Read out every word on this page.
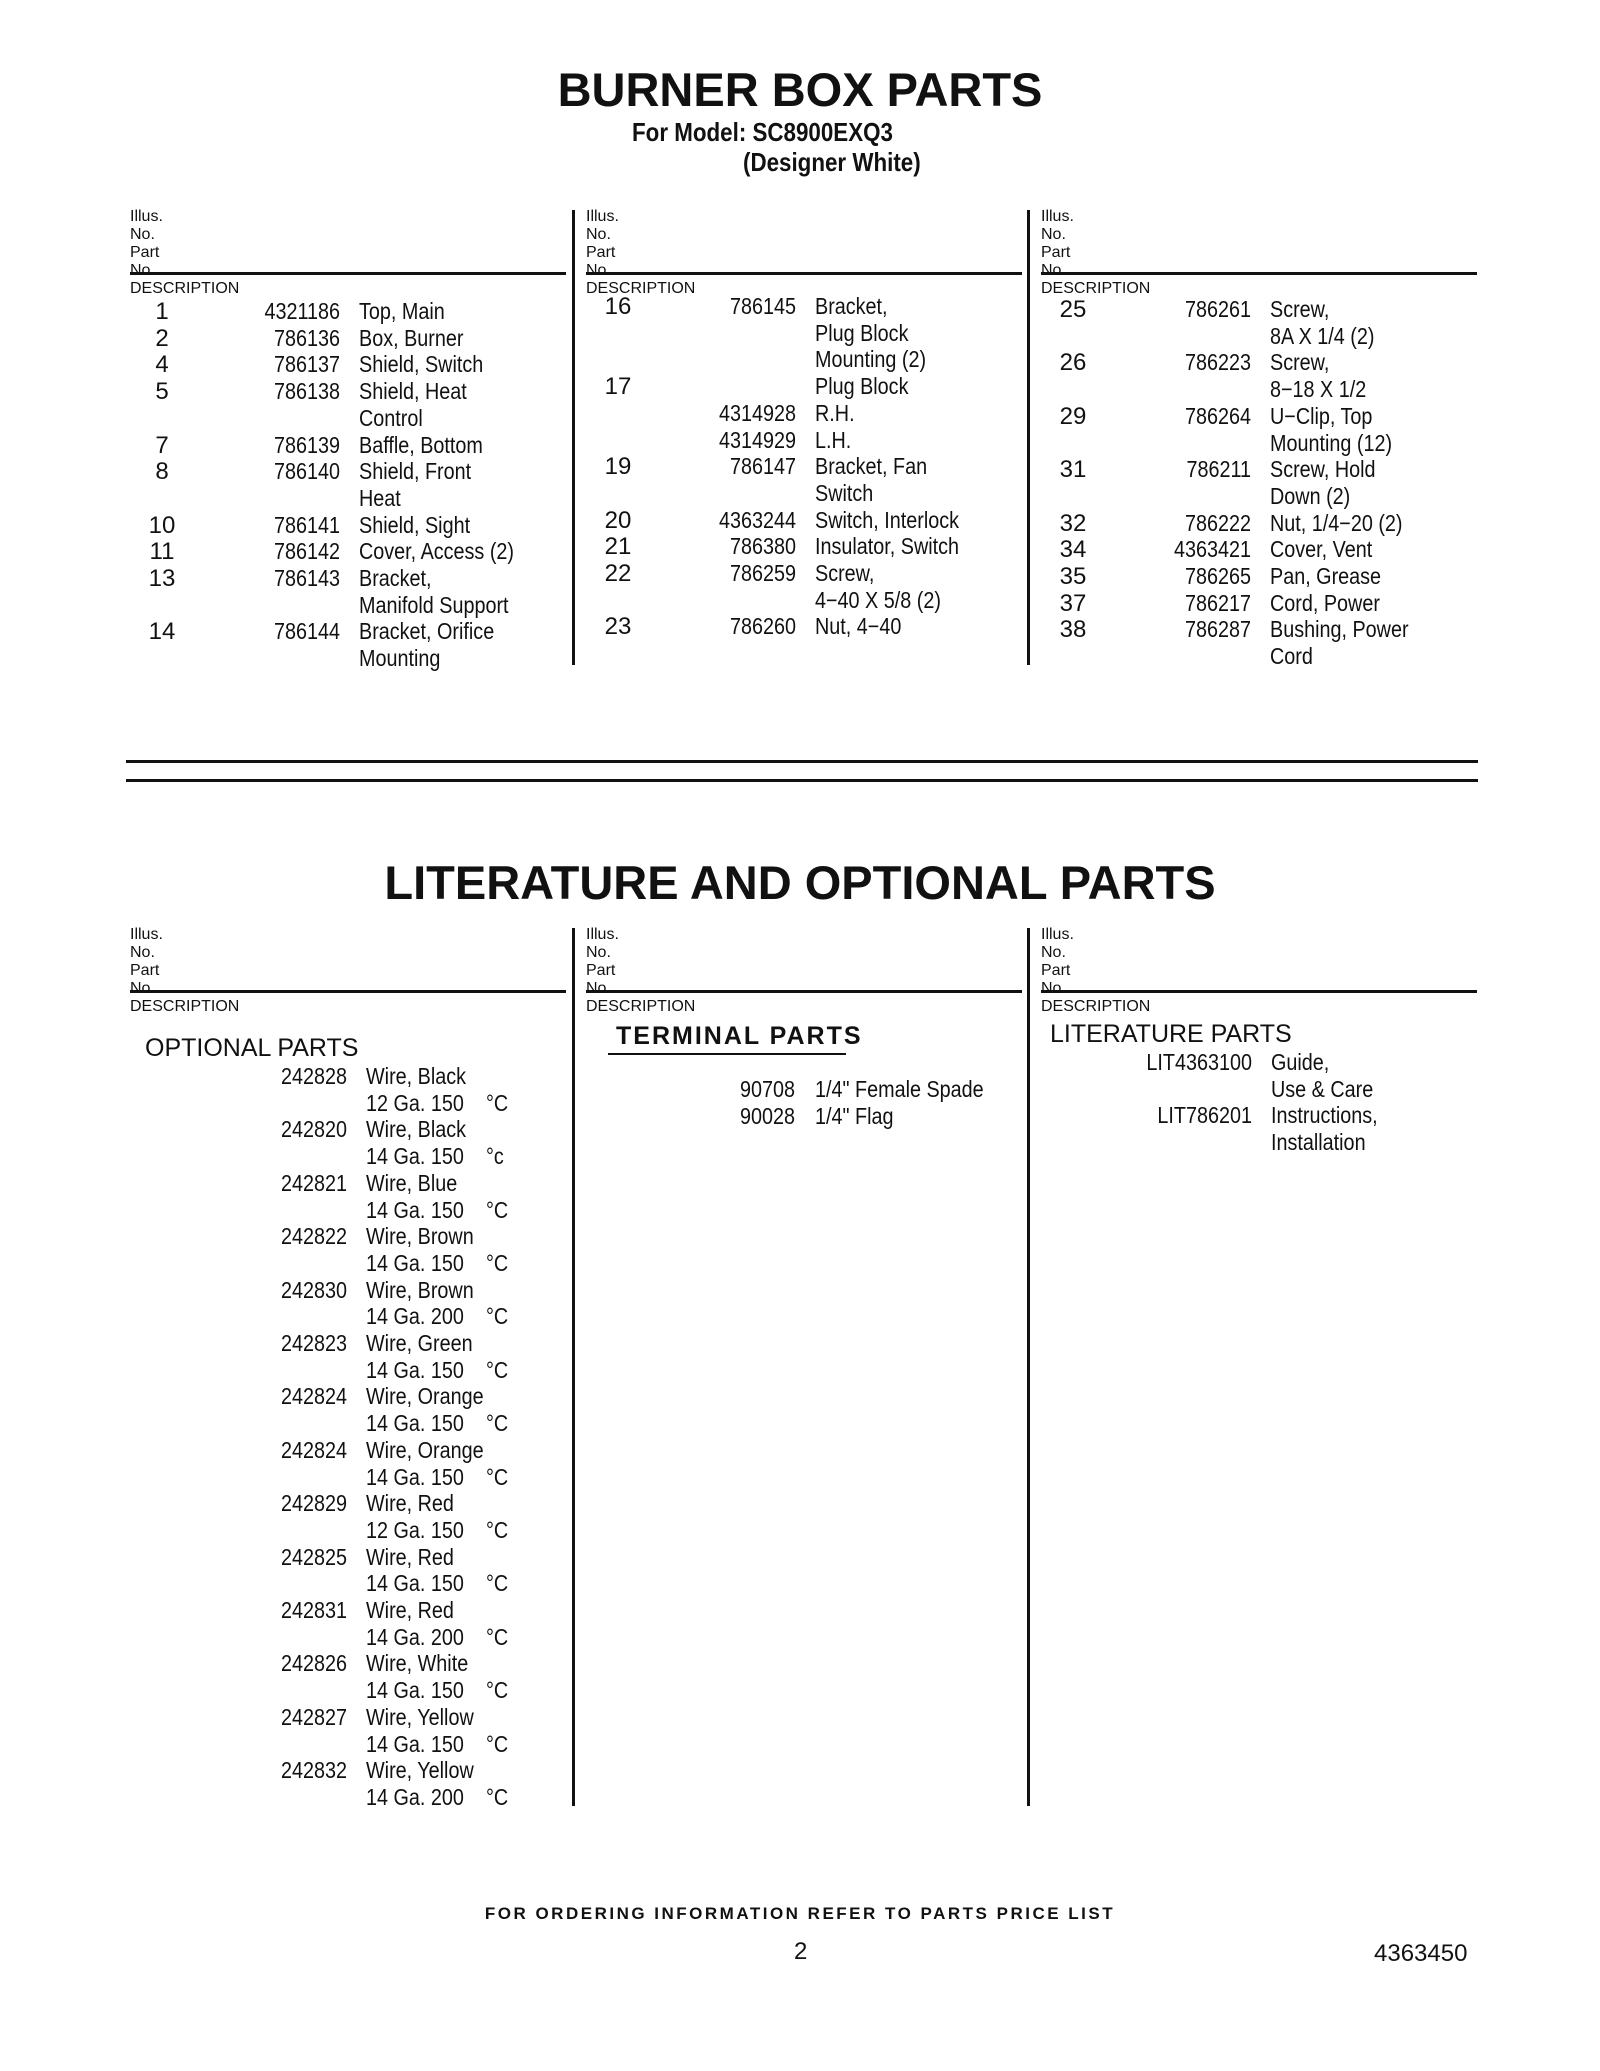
BURNER BOX PARTS
For Model: SC8900EXQ3
(Designer White)
Illus.
No.
Part
No.
DESCRIPTION
1	4321186 Top, Main
2	786136 Box, Burner
4	786137 Shield, Switch
5	786138 Shield, Heat
Control
7	786139 Baffle, Bottom
8	786140 Shield, Front
Heat
10	786141 Shield, Sight
11	786142 Cover, Access (2)
13	786143 Bracket,
Manifold Support
14	786144 Bracket, Orifice
Mounting
Illus.
No.
Part
No.
DESCRIPTION
16	786145 Bracket,
Plug Block
Mounting (2)
17	Plug Block
4314928 R.H.
4314929 L.H.
19	786147 Bracket, Fan
Switch
20	4363244 Switch, Interlock
21	786380 Insulator, Switch
22	786259 Screw,
4−40 X 5/8 (2)
23	786260 Nut, 4−40
Illus.
No.
Part
No.
DESCRIPTION
25	786261 Screw,
8A X 1/4 (2)
26	786223 Screw,
8−18 X 1/2
29	786264 U−Clip, Top
Mounting (12)
31	786211 Screw, Hold
Down (2)
32	786222 Nut, 1/4−20 (2)
34	4363421 Cover, Vent
35	786265 Pan, Grease
37	786217 Cord, Power
38	786287 Bushing, Power
Cord
LITERATURE AND OPTIONAL PARTS
Illus.
No.
Part
No.
DESCRIPTION
Illus.
No.
Part
No.
DESCRIPTION
Illus.
No.
Part
No.
DESCRIPTION
OPTIONAL PARTS
242828 Wire, Black
12 Ga. 150 °C
242820 Wire, Black
14 Ga. 150 °c
242821 Wire, Blue
14 Ga. 150 °C
242822 Wire, Brown
14 Ga. 150 °C
242830 Wire, Brown
14 Ga. 200 °C
242823 Wire, Green
14 Ga. 150 °C
242824 Wire, Orange
14 Ga. 150 °C
242824 Wire, Orange
14 Ga. 150 °C
242829 Wire, Red
12 Ga. 150 °C
242825 Wire, Red
14 Ga. 150 °C
242831 Wire, Red
14 Ga. 200 °C
242826 Wire, White
14 Ga. 150 °C
242827 Wire, Yellow
14 Ga. 150 °C
242832 Wire, Yellow
14 Ga. 200 °C
TERMINAL PARTS
90708 1/4" Female Spade
90028 1/4" Flag
LITERATURE PARTS
LIT4363100 Guide,
Use & Care
LIT786201 Instructions,
Installation
FOR ORDERING INFORMATION REFER TO PARTS PRICE LIST
2	4363450
